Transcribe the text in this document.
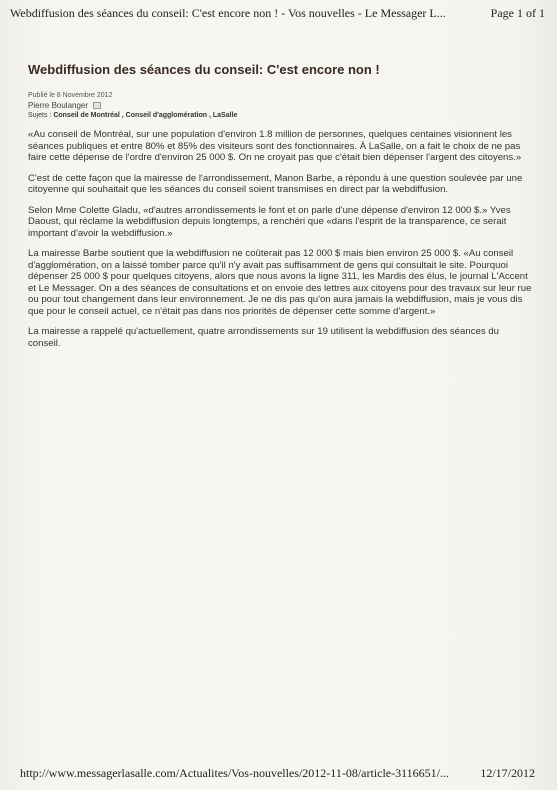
Webdiffusion des séances du conseil: C'est encore non ! - Vos nouvelles - Le Messager L...	Page 1 of 1
Webdiffusion des séances du conseil: C'est encore non !
Publié le 8 Novembre 2012
Pierre Boulanger
Sujets : Conseil de Montréal , Conseil d'agglomération , LaSalle

«Au conseil de Montréal, sur une population d'environ 1.8 million de personnes, quelques centaines visionnent les séances publiques et entre 80% et 85% des visiteurs sont des fonctionnaires. À LaSalle, on a fait le choix de ne pas faire cette dépense de l'ordre d'environ 25 000 $. On ne croyait pas que c'était bien dépenser l'argent des citoyens.»

C'est de cette façon que la mairesse de l'arrondissement, Manon Barbe, a répondu à une question soulevée par une citoyenne qui souhaitait que les séances du conseil soient transmises en direct par la webdiffusion.

Selon Mme Colette Gladu, «d'autres arrondissements le font et on parle d'une dépense d'environ 12 000 $.» Yves Daoust, qui réclame la webdiffusion depuis longtemps, a renchéri que «dans l'esprit de la transparence, ce serait important d'avoir la webdiffusion.»

La mairesse Barbe soutient que la webdiffusion ne coûterait pas 12 000 $ mais bien environ 25 000 $. «Au conseil d'agglomération, on a laissé tomber parce qu'il n'y avait pas suffisamment de gens qui consultait le site. Pourquoi dépenser 25 000 $ pour quelques citoyens, alors que nous avons la ligne 311, les Mardis des élus, le journal L'Accent et Le Messager. On a des séances de consultations et on envoie des lettres aux citoyens pour des travaux sur leur rue ou pour tout changement dans leur environnement. Je ne dis pas qu'on aura jamais la webdiffusion, mais je vous dis que pour le conseil actuel, ce n'était pas dans nos priorités de dépenser cette somme d'argent.»

La mairesse a rappelé qu'actuellement, quatre arrondissements sur 19 utilisent la webdiffusion des séances du conseil.

http://www.messagerlasalle.com/Actualites/Vos-nouvelles/2012-11-08/article-3116651/...	12/17/2012
